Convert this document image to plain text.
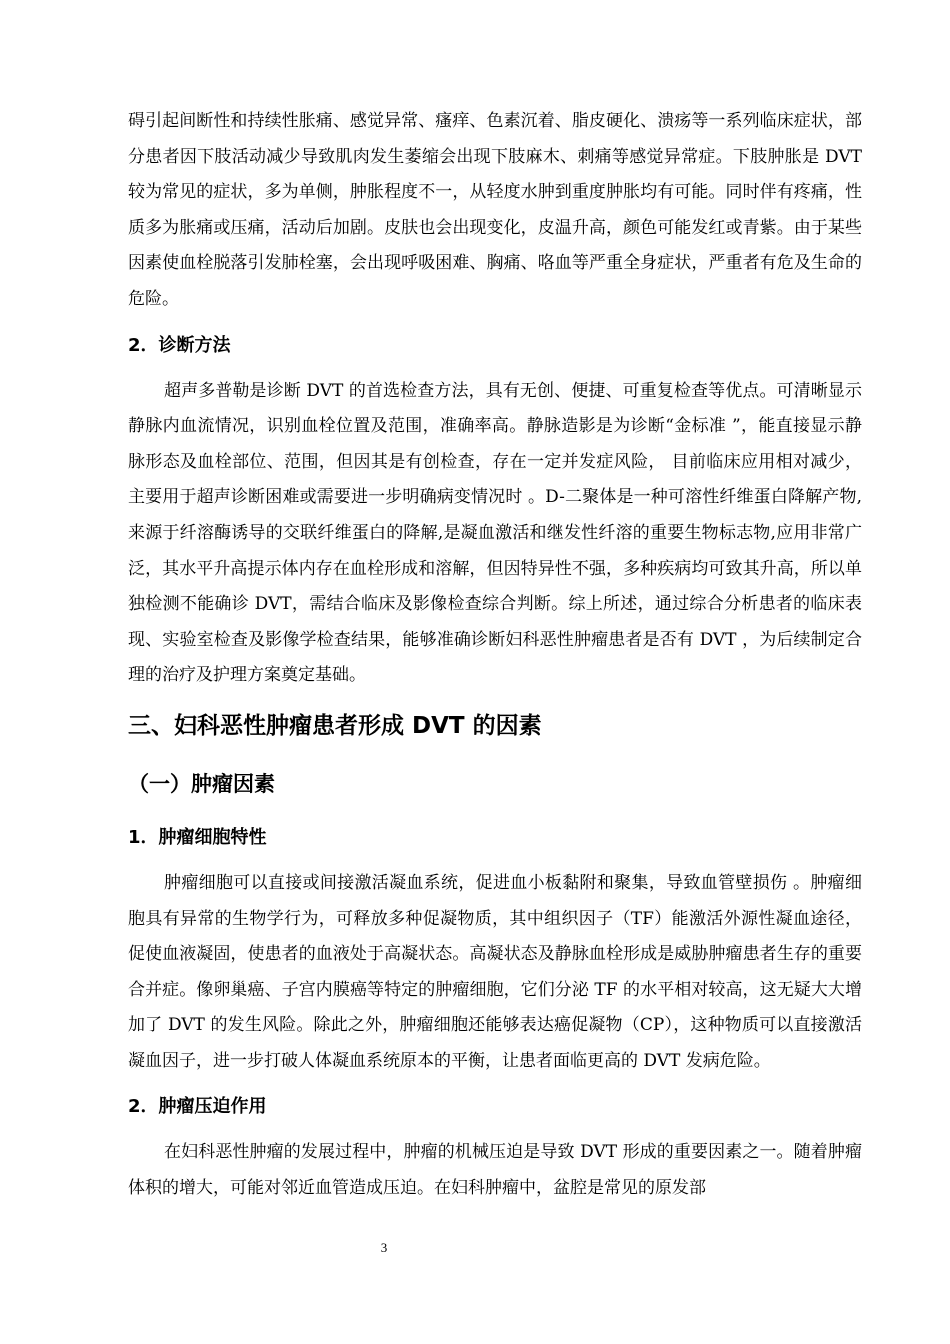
碍引起间断性和持续性胀痛、感觉异常、瘙痒、色素沉着、脂皮硬化、溃疡等一系列临床症状，部分患者因下肢活动减少导致肌肉发生萎缩会出现下肢麻木、刺痛等感觉异常症。下肢肿胀是 DVT 较为常见的症状，多为单侧，肿胀程度不一，从轻度水肿到重度肿胀均有可能。同时伴有疼痛，性质多为胀痛或压痛，活动后加剧。皮肤也会出现变化，皮温升高，颜色可能发红或青紫。由于某些因素使血栓脱落引发肺栓塞，会出现呼吸困难、胸痛、咯血等严重全身症状，严重者有危及生命的危险。

2．诊断方法

超声多普勒是诊断 DVT 的首选检查方法，具有无创、便捷、可重复检查等优点。可清晰显示静脉内血流情况，识别血栓位置及范围，准确率高。静脉造影是为诊断“金标准 ”，能直接显示静脉形态及血栓部位、范围，但因其是有创检查，存在一定并发症风险， 目前临床应用相对减少，主要用于超声诊断困难或需要进一步明确病变情况时 。D-二聚体是一种可溶性纤维蛋白降解产物,来源于纤溶酶诱导的交联纤维蛋白的降解,是凝血激活和继发性纤溶的重要生物标志物,应用非常广泛，其水平升高提示体内存在血栓形成和溶解，但因特异性不强，多种疾病均可致其升高，所以单独检测不能确诊 DVT，需结合临床及影像检查综合判断。综上所述，通过综合分析患者的临床表现、实验室检查及影像学检查结果，能够准确诊断妇科恶性肿瘤患者是否有 DVT ，为后续制定合理的治疗及护理方案奠定基础。

三、妇科恶性肿瘤患者形成 DVT 的因素
（一）肿瘤因素
1．肿瘤细胞特性

肿瘤细胞可以直接或间接激活凝血系统，促进血小板黏附和聚集，导致血管壁损伤 。肿瘤细胞具有异常的生物学行为，可释放多种促凝物质，其中组织因子（TF）能激活外源性凝血途径，促使血液凝固，使患者的血液处于高凝状态。高凝状态及静脉血栓形成是威胁肿瘤患者生存的重要合并症。像卵巢癌、子宫内膜癌等特定的肿瘤细胞，它们分泌 TF 的水平相对较高，这无疑大大增加了 DVT 的发生风险。除此之外，肿瘤细胞还能够表达癌促凝物（CP），这种物质可以直接激活凝血因子，进一步打破人体凝血系统原本的平衡，让患者面临更高的 DVT 发病危险。

2．肿瘤压迫作用

在妇科恶性肿瘤的发展过程中，肿瘤的机械压迫是导致 DVT 形成的重要因素之一。随着肿瘤体积的增大，可能对邻近血管造成压迫。在妇科肿瘤中，盆腔是常见的原发部

3
